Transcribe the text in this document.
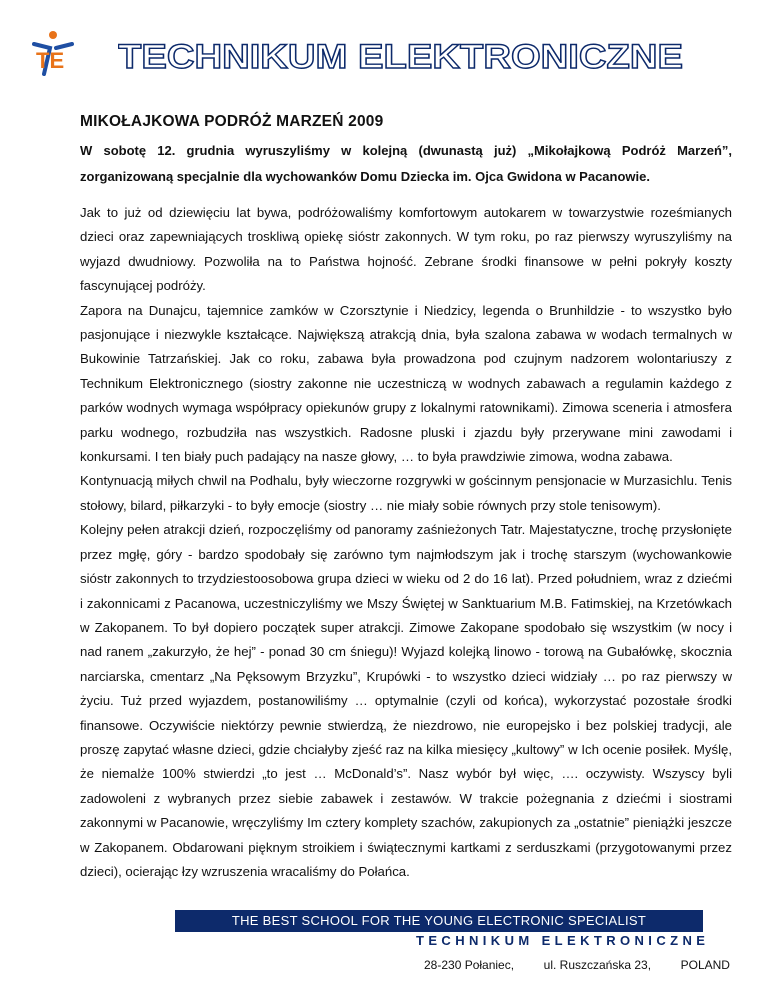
TE TECHNIKUM ELEKTRONICZNE
MIKOŁAJKOWA PODRÓŻ MARZEŃ 2009
W sobotę 12. grudnia wyruszyliśmy w kolejną (dwunastą już) „Mikołajkową Podróż Marzeń”, zorganizowaną specjalnie dla wychowanków Domu Dziecka im. Ojca Gwidona w Pacanowie.

Jak to już od dziewięciu lat bywa, podróżowaliśmy komfortowym autokarem w towarzystwie roześmianych dzieci oraz zapewniających troskliwą opiekę sióstr zakonnych. W tym roku, po raz pierwszy wyruszyliśmy na wyjazd dwudniowy. Pozwoliła na to Państwa hojność. Zebrane środki finansowe w pełni pokryły koszty fascynującej podróży.

Zapora na Dunajcu, tajemnice zamków w Czorsztynie i Niedzicy, legenda o Brunhildzie - to wszystko było pasjonujące i niezwykle kształcące. Największą atrakcją dnia, była szalona zabawa w wodach termalnych w Bukowinie Tatrzańskiej. Jak co roku, zabawa była prowadzona pod czujnym nadzorem wolontariuszy z Technikum Elektronicznego (siostry zakonne nie uczestniczą w wodnych zabawach a regulamin każdego z parków wodnych wymaga współpracy opiekunów grupy z lokalnymi ratownikami). Zimowa sceneria i atmosfera parku wodnego, rozbudziła nas wszystkich. Radosne pluski i zjazdu były przerywane mini zawodami i konkursami. I ten biały puch padający na nasze głowy, … to była prawdziwie zimowa, wodna zabawa.

Kontynuacją miłych chwil na Podhalu, były wieczorne rozgrywki w gościnnym pensjonacie w Murzasichlu. Tenis stołowy, bilard, piłkarzyki - to były emocje (siostry … nie miały sobie równych przy stole tenisowym).

Kolejny pełen atrakcji dzień, rozpoczęliśmy od panoramy zaśnieżonych Tatr. Majestatyczne, trochę przysłonięte przez mgłę, góry - bardzo spodobały się zarówno tym najmłodszym jak i trochę starszym (wychowankowie sióstr zakonnych to trzydziestoosobowa grupa dzieci w wieku od 2 do 16 lat). Przed południem, wraz z dziećmi i zakonnicami z Pacanowa, uczestniczyliśmy we Mszy Świętej w Sanktuarium M.B. Fatimskiej, na Krzetówkach w Zakopanem. To był dopiero początek super atrakcji. Zimowe Zakopane spodobało się wszystkim (w nocy i nad ranem „zakurzyło, że hej” - ponad 30 cm śniegu)! Wyjazd kolejką linowo - torową na Gubałówkę, skocznia narciarska, cmentarz „Na Pęksowym Brzyzku”, Krupówki - to wszystko dzieci widziały … po raz pierwszy w życiu. Tuż przed wyjazdem, postanowiliśmy … optymalnie (czyli od końca), wykorzystać pozostałe środki finansowe. Oczywiście niektórzy pewnie stwierdzą, że niezdrowo, nie europejsko i bez polskiej tradycji, ale proszę zapytać własne dzieci, gdzie chciałyby zjeść raz na kilka miesięcy „kultowy” w Ich ocenie posiłek. Myślę, że niemalże 100% stwierdzi „to jest … McDonald’s”. Nasz wybór był więc, …. oczywisty. Wszyscy byli zadowoleni z wybranych przez siebie zabawek i zestawów. W trakcie pożegnania z dziećmi i siostrami zakonnymi w Pacanowie, wręczyliśmy Im cztery komplety szachów, zakupionych za „ostatnie” pieniążki jeszcze w Zakopanem. Obdarowani pięknym stroikiem i świątecznymi kartkami z serduszkami (przygotowanymi przez dzieci), ocierając łzy wzruszenia wracaliśmy do Połańca.

THE BEST SCHOOL FOR THE YOUNG ELECTRONIC SPECIALIST
TECHNIKUM ELEKTRONICZNE
28-230 Połaniec, ul. Ruszczańska 23, POLAND
